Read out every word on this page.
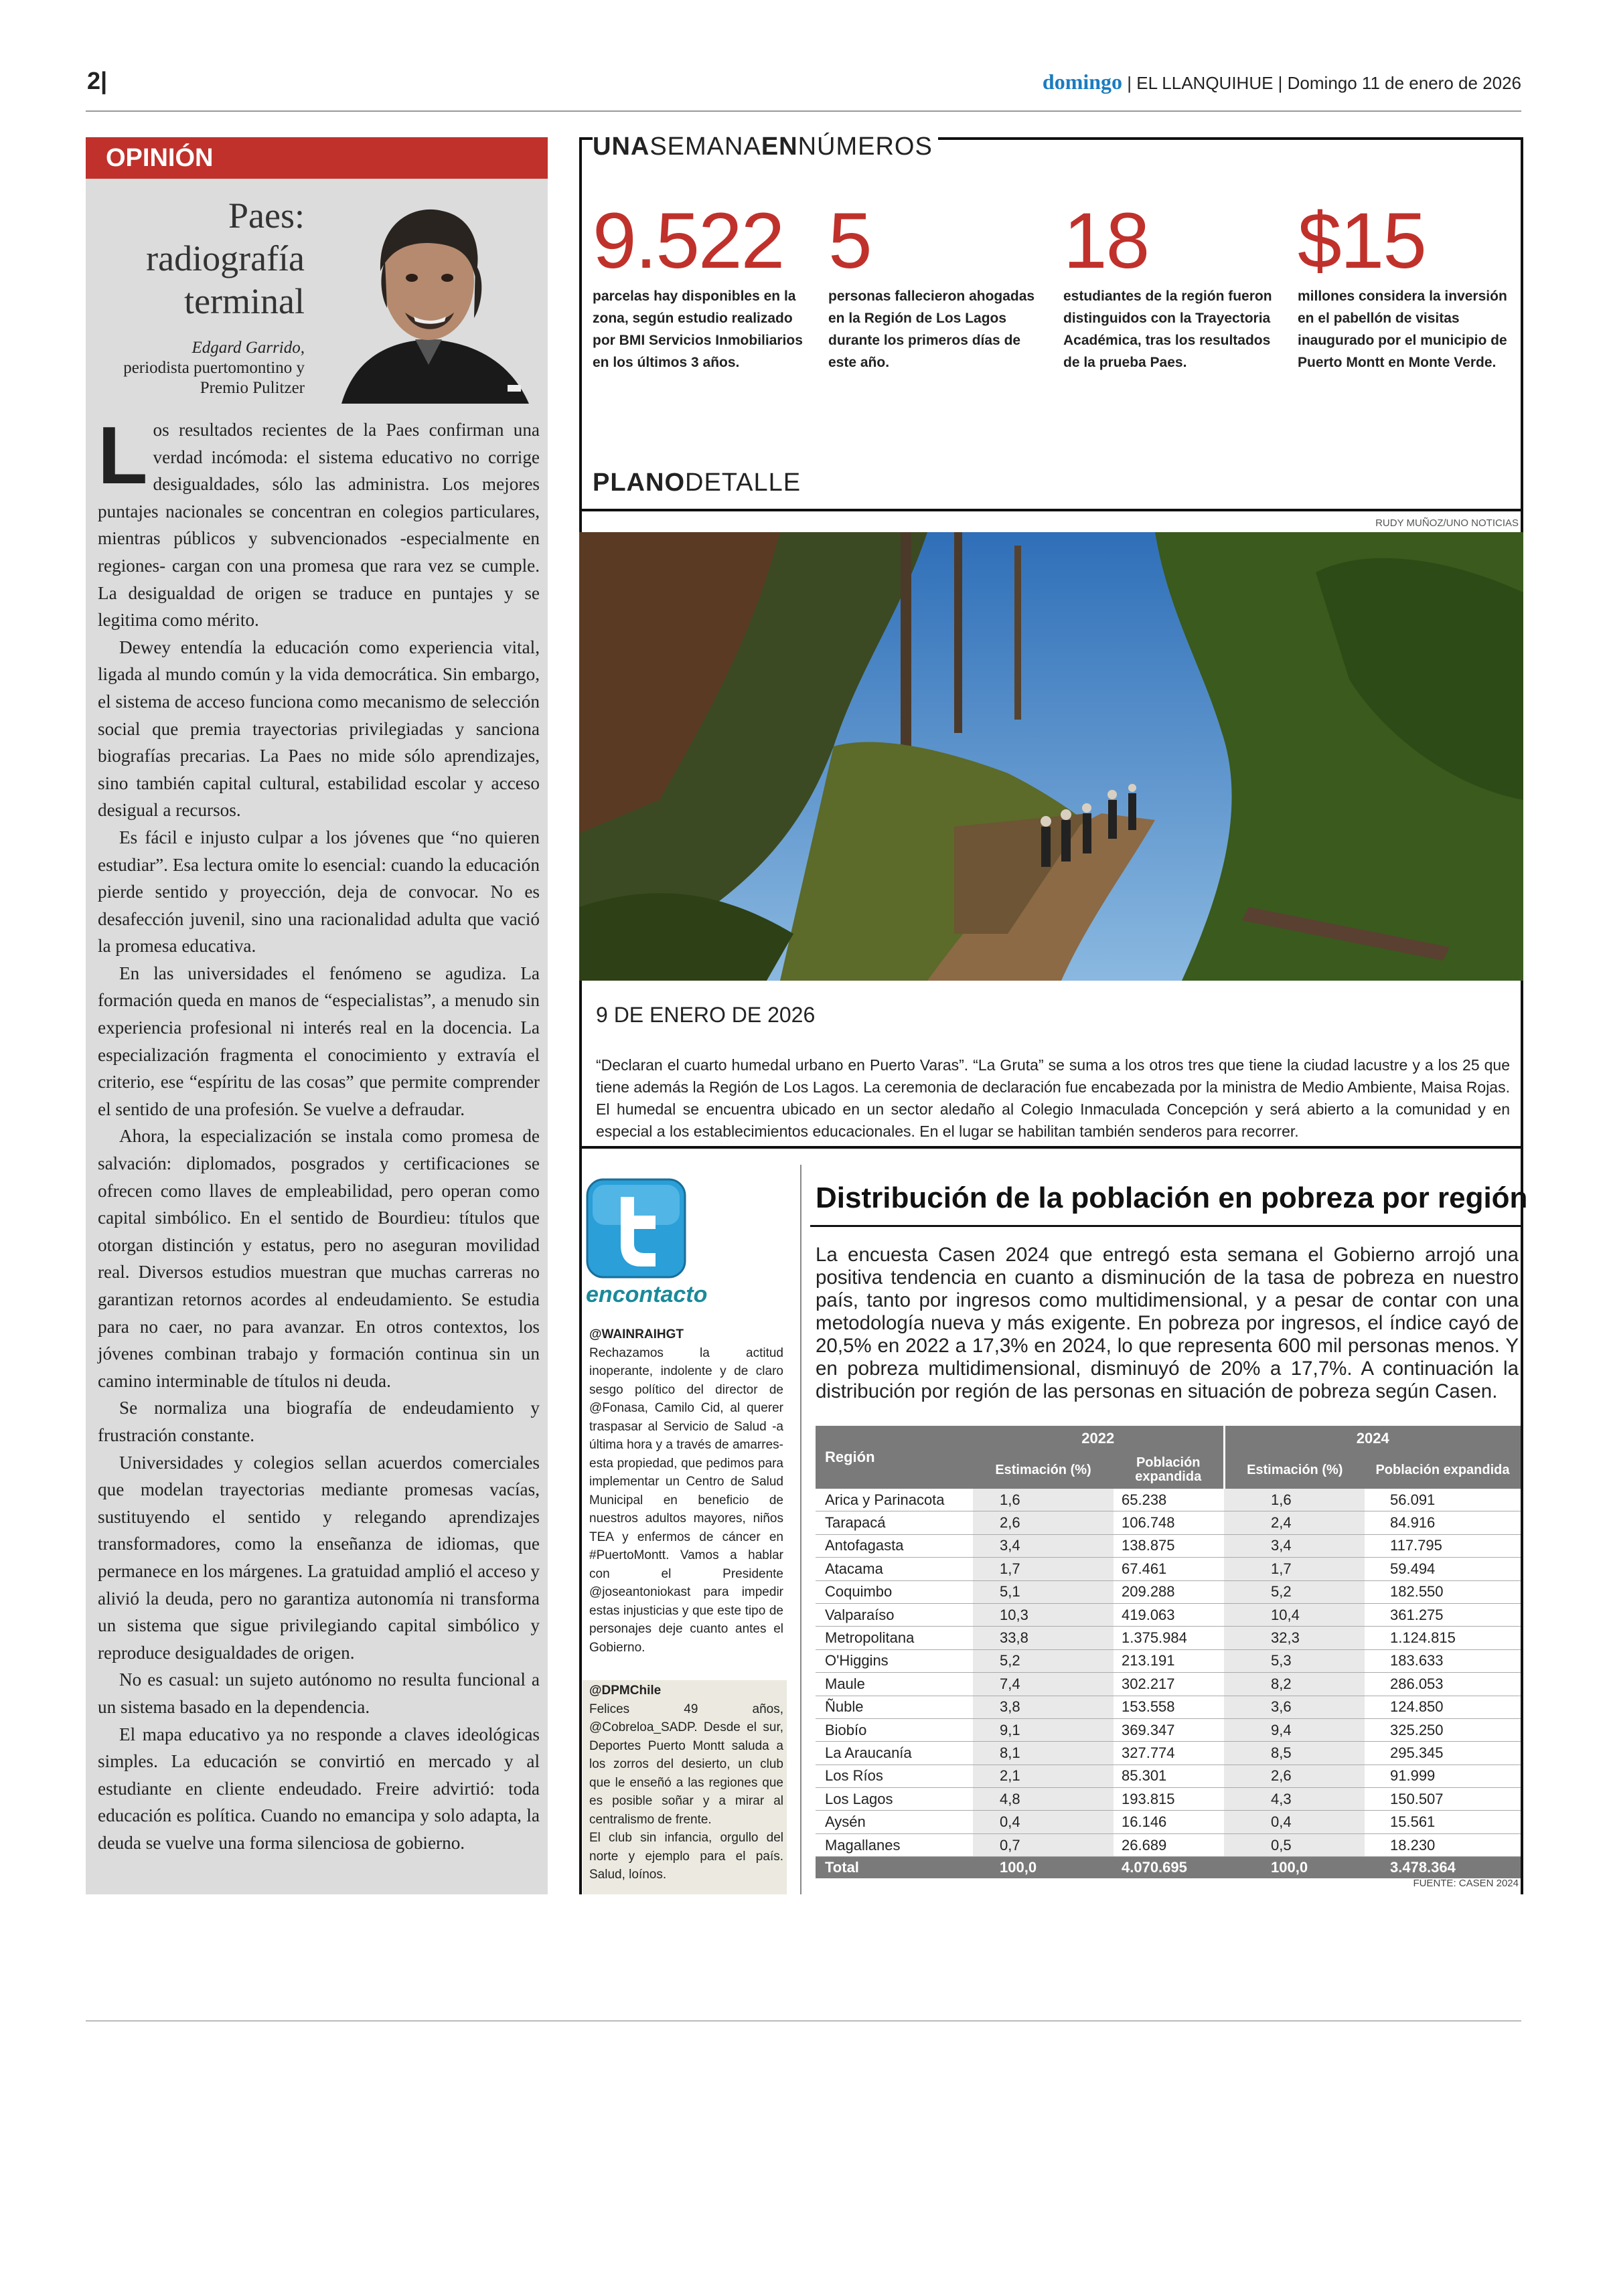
2|	domingo | EL LLANQUIHUE | Domingo 11 de enero de 2026
OPINIÓN
Paes: radiografía terminal
Edgard Garrido,
periodista puertomontino y Premio Pulitzer

Los resultados recientes de la Paes confirman una verdad incómoda: el sistema educativo no corrige desigualdades, sólo las administra. Los mejores puntajes nacionales se concentran en colegios particulares, mientras públicos y subvencionados -especialmente en regiones- cargan con una promesa que rara vez se cumple. La desigualdad de origen se traduce en puntajes y se legitima como mérito.

Dewey entendía la educación como experiencia vital, ligada al mundo común y la vida democrática. Sin embargo, el sistema de acceso funciona como mecanismo de selección social que premia trayectorias privilegiadas y sanciona biografías precarias. La Paes no mide sólo aprendizajes, sino también capital cultural, estabilidad escolar y acceso desigual a recursos.

Es fácil e injusto culpar a los jóvenes que “no quieren estudiar”. Esa lectura omite lo esencial: cuando la educación pierde sentido y proyección, deja de convocar. No es desafección juvenil, sino una racionalidad adulta que vació la promesa educativa.

En las universidades el fenómeno se agudiza. La formación queda en manos de “especialistas”, a menudo sin experiencia profesional ni interés real en la docencia. La especialización fragmenta el conocimiento y extravía el criterio, ese “espíritu de las cosas” que permite comprender el sentido de una profesión. Se vuelve a defraudar.

Ahora, la especialización se instala como promesa de salvación: diplomados, posgrados y certificaciones se ofrecen como llaves de empleabilidad, pero operan como capital simbólico. En el sentido de Bourdieu: títulos que otorgan distinción y estatus, pero no aseguran movilidad real. Diversos estudios muestran que muchas carreras no garantizan retornos acordes al endeudamiento. Se estudia para no caer, no para avanzar. En otros contextos, los jóvenes combinan trabajo y formación continua sin un camino interminable de títulos ni deuda.

Se normaliza una biografía de endeudamiento y frustración constante.

Universidades y colegios sellan acuerdos comerciales que modelan trayectorias mediante promesas vacías, sustituyendo el sentido y relegando aprendizajes transformadores, como la enseñanza de idiomas, que permanece en los márgenes. La gratuidad amplió el acceso y alivió la deuda, pero no garantiza autonomía ni transforma un sistema que sigue privilegiando capital simbólico y reproduce desigualdades de origen.

No es casual: un sujeto autónomo no resulta funcional a un sistema basado en la dependencia.

El mapa educativo ya no responde a claves ideológicas simples. La educación se convirtió en mercado y al estudiante en cliente endeudado. Freire advirtió: toda educación es política. Cuando no emancipa y solo adapta, la deuda se vuelve una forma silenciosa de gobierno.

UNASEMANAENNÚMEROS
9.522
parcelas hay disponibles en la zona, según estudio realizado por BMI Servicios Inmobiliarios en los últimos 3 años.
5
personas fallecieron ahogadas en la Región de Los Lagos durante los primeros días de este año.
18
estudiantes de la región fueron distinguidos con la Trayectoria Académica, tras los resultados de la prueba Paes.
$15
millones considera la inversión en el pabellón de visitas inaugurado por el municipio de Puerto Montt en Monte Verde.
PLANODETALLE
RUDY MUÑOZ/UNO NOTICIAS
9 DE ENERO DE 2026
“Declaran el cuarto humedal urbano en Puerto Varas”. “La Gruta” se suma a los otros tres que tiene la ciudad lacustre y a los 25 que tiene además la Región de Los Lagos. La ceremonia de declaración fue encabezada por la ministra de Medio Ambiente, Maisa Rojas. El humedal se encuentra ubicado en un sector aledaño al Colegio Inmaculada Concepción y será abierto a la comunidad y en especial a los establecimientos educacionales. En el lugar se habilitan también senderos para recorrer.
encontacto

@WAINRAIHGT

Rechazamos la actitud inoperante, indolente y de claro sesgo político del director de @Fonasa, Camilo Cid, al querer traspasar al Servicio de Salud -a última hora y a través de amarres- esta propiedad, que pedimos para implementar un Centro de Salud Municipal en beneficio de nuestros adultos mayores, niños TEA y enfermos de cáncer en #PuertoMontt. Vamos a hablar con el Presidente @joseantoniokast para impedir estas injusticias y que este tipo de personajes deje cuanto antes el Gobierno.

@DPMChile

Felices 49 años, @Cobreloa_SADP. Desde el sur, Deportes Puerto Montt saluda a los zorros del desierto, un club que le enseñó a las regiones que es posible soñar y a mirar al centralismo de frente.

El club sin infancia, orgullo del norte y ejemplo para el país. Salud, loínos.

Distribución de la población en pobreza por región
La encuesta Casen 2024 que entregó esta semana el Gobierno arrojó una positiva tendencia en cuanto a disminución de la tasa de pobreza en nuestro país, tanto por ingresos como multidimensional, y a pesar de contar con una metodología nueva y más exigente. En pobreza por ingresos, el índice cayó de 20,5% en 2022 a 17,3% en 2024, lo que representa 600 mil personas menos. Y en pobreza multidimensional, disminuyó de 20% a 17,7%. A continuación la distribución por región de las personas en situación de pobreza según Casen.
Región	2022		2024	
	Estimación (%)	Población expandida	Estimación (%)	Población expandida
Arica y Parinacota	1,6	65.238	1,6	56.091
Tarapacá	2,6	106.748	2,4	84.916
Antofagasta	3,4	138.875	3,4	117.795
Atacama	1,7	67.461	1,7	59.494
Coquimbo	5,1	209.288	5,2	182.550
Valparaíso	10,3	419.063	10,4	361.275
Metropolitana	33,8	1.375.984	32,3	1.124.815
O'Higgins	5,2	213.191	5,3	183.633
Maule	7,4	302.217	8,2	286.053
Ñuble	3,8	153.558	3,6	124.850
Biobío	9,1	369.347	9,4	325.250
La Araucanía	8,1	327.774	8,5	295.345
Los Ríos	2,1	85.301	2,6	91.999
Los Lagos	4,8	193.815	4,3	150.507
Aysén	0,4	16.146	0,4	15.561
Magallanes	0,7	26.689	0,5	18.230
Total	100,0	4.070.695	100,0	3.478.364
FUENTE: CASEN 2024
